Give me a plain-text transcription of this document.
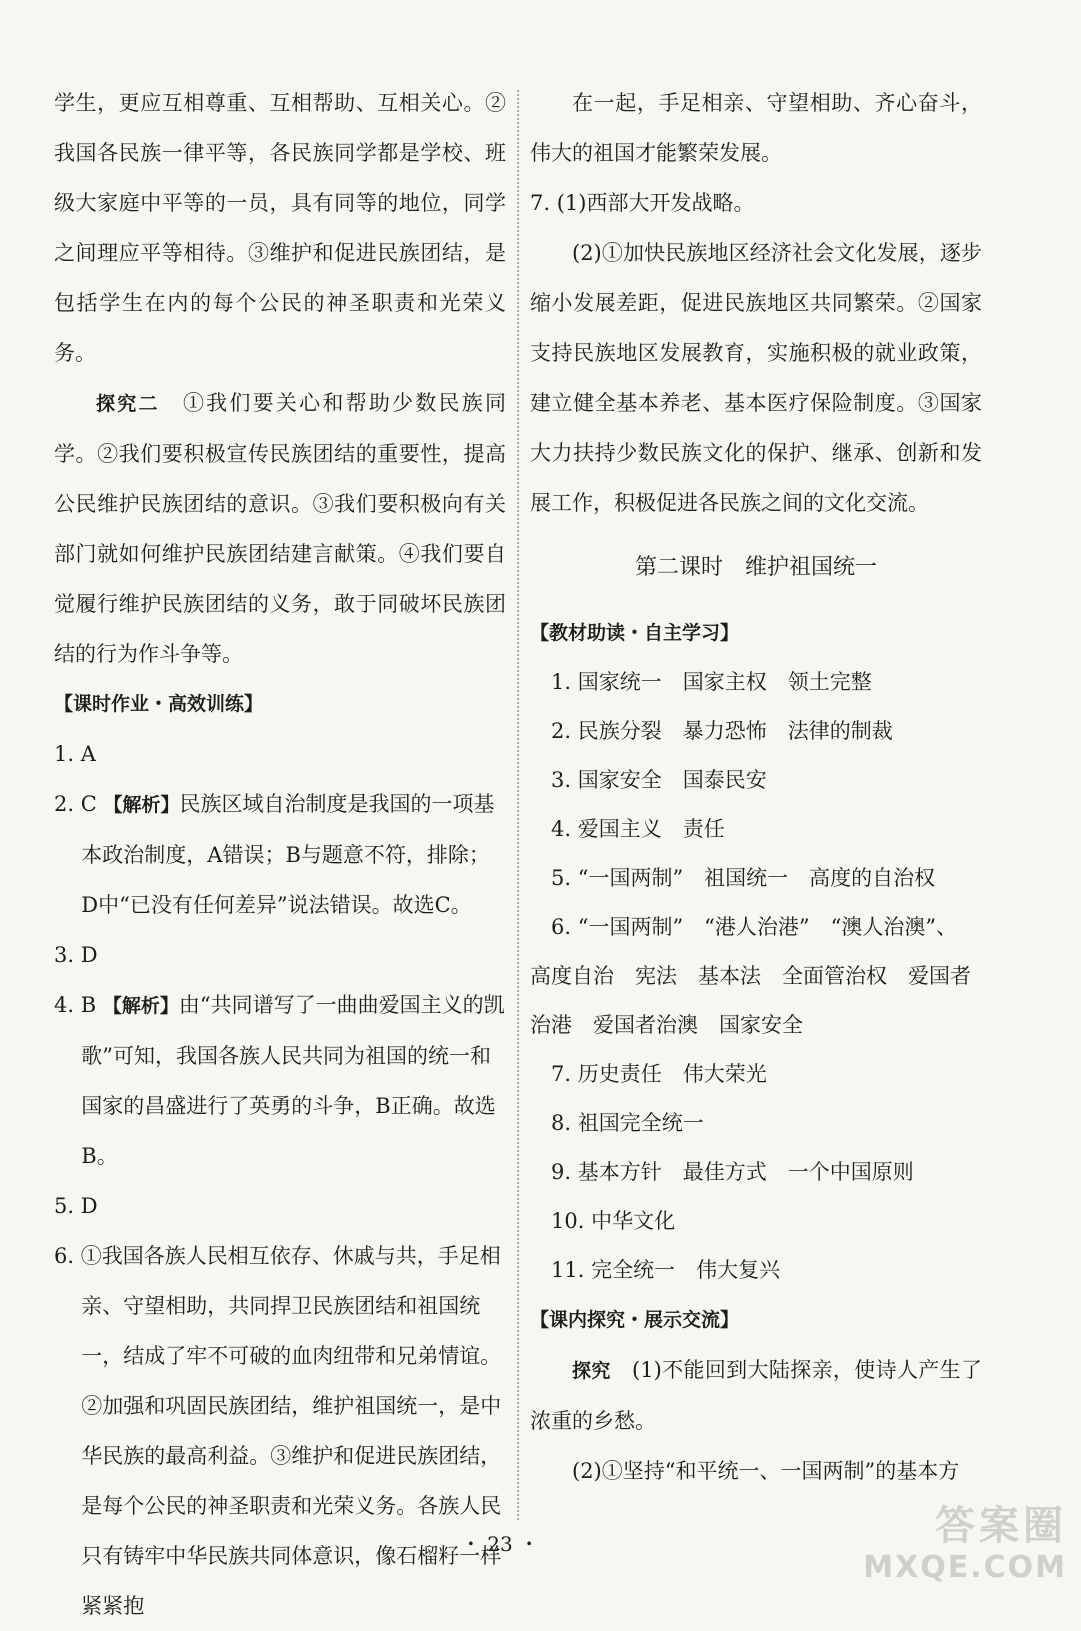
学生，更应互相尊重、互相帮助、互相关心。②我国各民族一律平等，各民族同学都是学校、班级大家庭中平等的一员，具有同等的地位，同学之间理应平等相待。③维护和促进民族团结，是包括学生在内的每个公民的神圣职责和光荣义务。

探究二　①我们要关心和帮助少数民族同学。②我们要积极宣传民族团结的重要性，提高公民维护民族团结的意识。③我们要积极向有关部门就如何维护民族团结建言献策。④我们要自觉履行维护民族团结的义务，敢于同破坏民族团结的行为作斗争等。

【课时作业・高效训练】

1. A

2. C 【解析】民族区域自治制度是我国的一项基本政治制度，A错误；B与题意不符，排除；D中“已没有任何差异”说法错误。故选C。

3. D

4. B 【解析】由“共同谱写了一曲曲爱国主义的凯歌”可知，我国各族人民共同为祖国的统一和国家的昌盛进行了英勇的斗争，B正确。故选B。

5. D

6. ①我国各族人民相互依存、休戚与共，手足相亲、守望相助，共同捍卫民族团结和祖国统一，结成了牢不可破的血肉纽带和兄弟情谊。②加强和巩固民族团结，维护祖国统一，是中华民族的最高利益。③维护和促进民族团结，是每个公民的神圣职责和光荣义务。各族人民只有铸牢中华民族共同体意识，像石榴籽一样紧紧抱

在一起，手足相亲、守望相助、齐心奋斗，伟大的祖国才能繁荣发展。

7. (1)西部大开发战略。

(2)①加快民族地区经济社会文化发展，逐步缩小发展差距，促进民族地区共同繁荣。②国家支持民族地区发展教育，实施积极的就业政策，建立健全基本养老、基本医疗保险制度。③国家大力扶持少数民族文化的保护、继承、创新和发展工作，积极促进各民族之间的文化交流。

第二课时　维护祖国统一

【教材助读・自主学习】

1. 国家统一　国家主权　领土完整

2. 民族分裂　暴力恐怖　法律的制裁

3. 国家安全　国泰民安

4. 爱国主义　责任

5. “一国两制”　祖国统一　高度的自治权

6. “一国两制”　“港人治港”　“澳人治澳”、

高度自治　宪法　基本法　全面管治权　爱国者治港　爱国者治澳　国家安全

7. 历史责任　伟大荣光

8. 祖国完全统一

9. 基本方针　最佳方式　一个中国原则

10. 中华文化

11. 完全统一　伟大复兴

【课内探究・展示交流】

探究　(1)不能回到大陆探亲，使诗人产生了浓重的乡愁。

(2)①坚持“和平统一、一国两制”的基本方

・ 23 ・	答案圈
MXQE.COM
